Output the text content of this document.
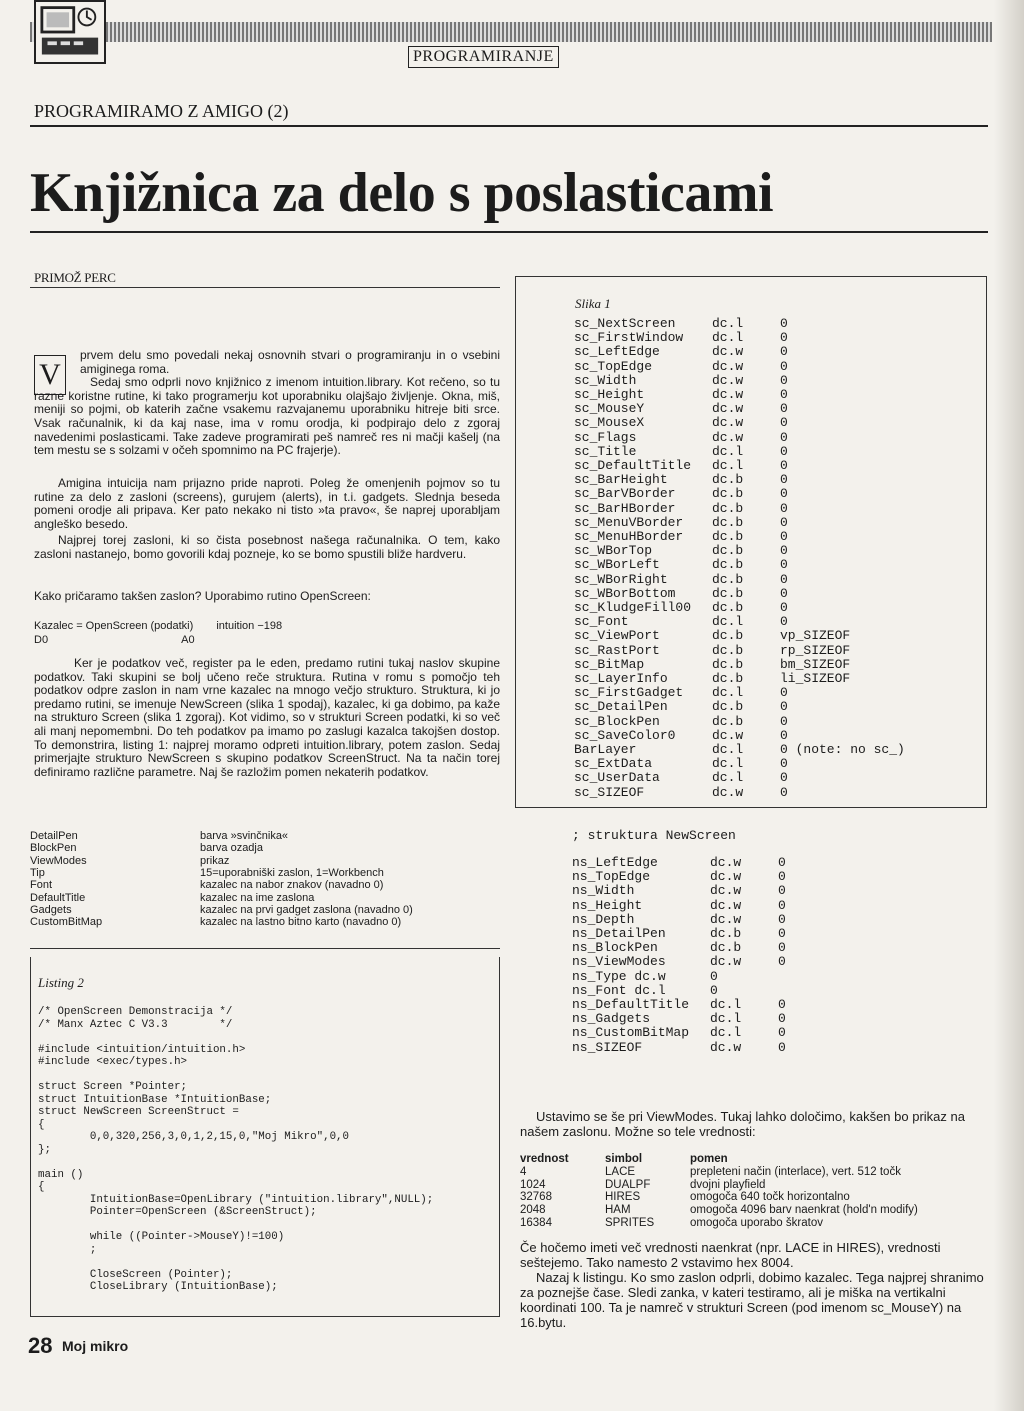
PROGRAMIRANJE
PROGRAMIRAMO Z AMIGO (2)
Knjižnica za delo s poslasticami
PRIMOŽ PERC
V

prvem delu smo povedali nekaj osnovnih stvari o programiranju in o vsebini amiginega roma.

Sedaj smo odprli novo knjižnico z imenom intuition.library. Kot rečeno, so tu razne koristne rutine, ki tako programerju kot uporabniku olajšajo življenje. Okna, miš, meniji so pojmi, ob katerih začne vsakemu razvajanemu uporabniku hitreje biti srce. Vsak računalnik, ki da kaj nase, ima v romu orodja, ki podpirajo delo z zgoraj navedenimi poslasticami. Take zadeve programirati peš namreč res ni mačji kašelj (na tem mestu se s solzami v očeh spomnimo na PC frajerje).

Amigina intuicija nam prijazno pride naproti. Poleg že omenjenih pojmov so tu rutine za delo z zasloni (screens), gurujem (alerts), in t.i. gadgets. Slednja beseda pomeni orodje ali pripava. Ker pato nekako ni tisto »ta pravo«, še naprej uporabljam angleško besedo.
Najprej torej zasloni, ki so čista posebnost našega računalnika. O tem, kako zasloni nastanejo, bomo govorili kdaj pozneje, ko se bomo spustili bliže hardveru.
Kako pričaramo takšen zaslon? Uporabimo rutino OpenScreen:
Kazalec = OpenScreen (podatki) intuition −198
D0	A0
Ker je podatkov več, register pa le eden, predamo rutini tukaj naslov skupine podatkov. Taki skupini se bolj učeno reče struktura. Rutina v romu s pomočjo teh podatkov odpre zaslon in nam vrne kazalec na mnogo večjo strukturo. Struktura, ki jo predamo rutini, se imenuje NewScreen (slika 1 spodaj), kazalec, ki ga dobimo, pa kaže na strukturo Screen (slika 1 zgoraj). Kot vidimo, so v strukturi Screen podatki, ki so več ali manj nepomembni. Do teh podatkov pa imamo po zaslugi kazalca takojšen dostop. To demonstrira, listing 1: najprej moramo odpreti intuition.library, potem zaslon. Sedaj primerjajte strukturo NewScreen s skupino podatkov ScreenStruct. Na ta način torej definiramo različne parametre. Naj še razložim pomen nekaterih podatkov.
DetailPen	barva »svinčnika«
BlockPen	barva ozadja
ViewModes	prikaz
Tip	15=uporabniški zaslon, 1=Workbench
Font	kazalec na nabor znakov (navadno 0)
DefaultTitle	kazalec na ime zaslona
Gadgets	kazalec na prvi gadget zaslona (navadno 0)
CustomBitMap	kazalec na lastno bitno karto (navadno 0)
Listing 2
/* OpenScreen Demonstracija */
/* Manx Aztec C V3.3        */
#include <intuition/intuition.h>
#include <exec/types.h>
struct Screen *Pointer;
struct IntuitionBase *IntuitionBase;
struct NewScreen ScreenStruct =
{
0,0,320,256,3,0,1,2,15,0,"Moj Mikro",0,0
};
main ()
{
IntuitionBase=OpenLibrary ("intuition.library",NULL);
Pointer=OpenScreen (&ScreenStruct);
while ((Pointer->MouseY)!=100)
;
CloseScreen (Pointer);
CloseLibrary (IntuitionBase);
Slika 1
sc_NextScreen	dc.l	0
sc_FirstWindow dc.l	0
sc_LeftEdge	dc.w	0
sc_TopEdge	dc.w	0
sc_Width	dc.w	0
sc_Height	dc.w	0
sc_MouseY	dc.w	0
sc_MouseX	dc.w	0
sc_Flags	dc.w	0
sc_Title	dc.l	0
sc_DefaultTitle dc.l	0
sc_BarHeight	dc.b	0
sc_BarVBorder	dc.b	0
sc_BarHBorder	dc.b	0
sc_MenuVBorder dc.b	0
sc_MenuHBorder dc.b	0
sc_WBorTop	dc.b	0
sc_WBorLeft	dc.b	0
sc_WBorRight	dc.b	0
sc_WBorBottom	dc.b	0
sc_KludgeFill00 dc.b	0
sc_Font	dc.l	0
sc_ViewPort	dc.b	vp_SIZEOF
sc_RastPort	dc.b	rp_SIZEOF
sc_BitMap	dc.b	bm_SIZEOF
sc_LayerInfo	dc.b	li_SIZEOF
sc_FirstGadget dc.l	0
sc_DetailPen	dc.b	0
sc_BlockPen	dc.b	0
sc_SaveColor0	dc.w	0
BarLayer	dc.l	0 (note: no sc_)
sc_ExtData	dc.l	0
sc_UserData	dc.l	0
sc_SIZEOF	dc.w	0
; struktura NewScreen
ns_LeftEdge	dc.w	0
ns_TopEdge	dc.w	0
ns_Width	dc.w	0
ns_Height	dc.w	0
ns_Depth	dc.w	0
ns_DetailPen	dc.b	0
ns_BlockPen	dc.b	0
ns_ViewModes	dc.w	0
ns_Type dc.w	0
ns_Font dc.l	0
ns_DefaultTitle dc.l	0
ns_Gadgets	dc.l	0
ns_CustomBitMap dc.l	0
ns_SIZEOF	dc.w	0
Ustavimo se še pri ViewModes. Tukaj lahko določimo, kakšen bo prikaz na našem zaslonu. Možne so tele vrednosti:
vrednost	simbol	pomen
4	LACE	prepleteni način (interlace), vert. 512 točk
1024	DUALPF	dvojni playfield
32768	HIRES	omogoča 640 točk horizontalno
2048	HAM	omogoča 4096 barv naenkrat (hold'n modify)
16384	SPRITES	omogoča uporabo škratov
Če hočemo imeti več vrednosti naenkrat (npr. LACE in HIRES), vrednosti seštejemo. Tako namesto 2 vstavimo hex 8004.
Nazaj k listingu. Ko smo zaslon odprli, dobimo kazalec. Tega najprej shranimo za poznejše čase. Sledi zanka, v kateri testiramo, ali je miška na vertikalni koordinati 100. Ta je namreč v strukturi Screen (pod imenom sc_MouseY) na 16.bytu.
28 Moj mikro
